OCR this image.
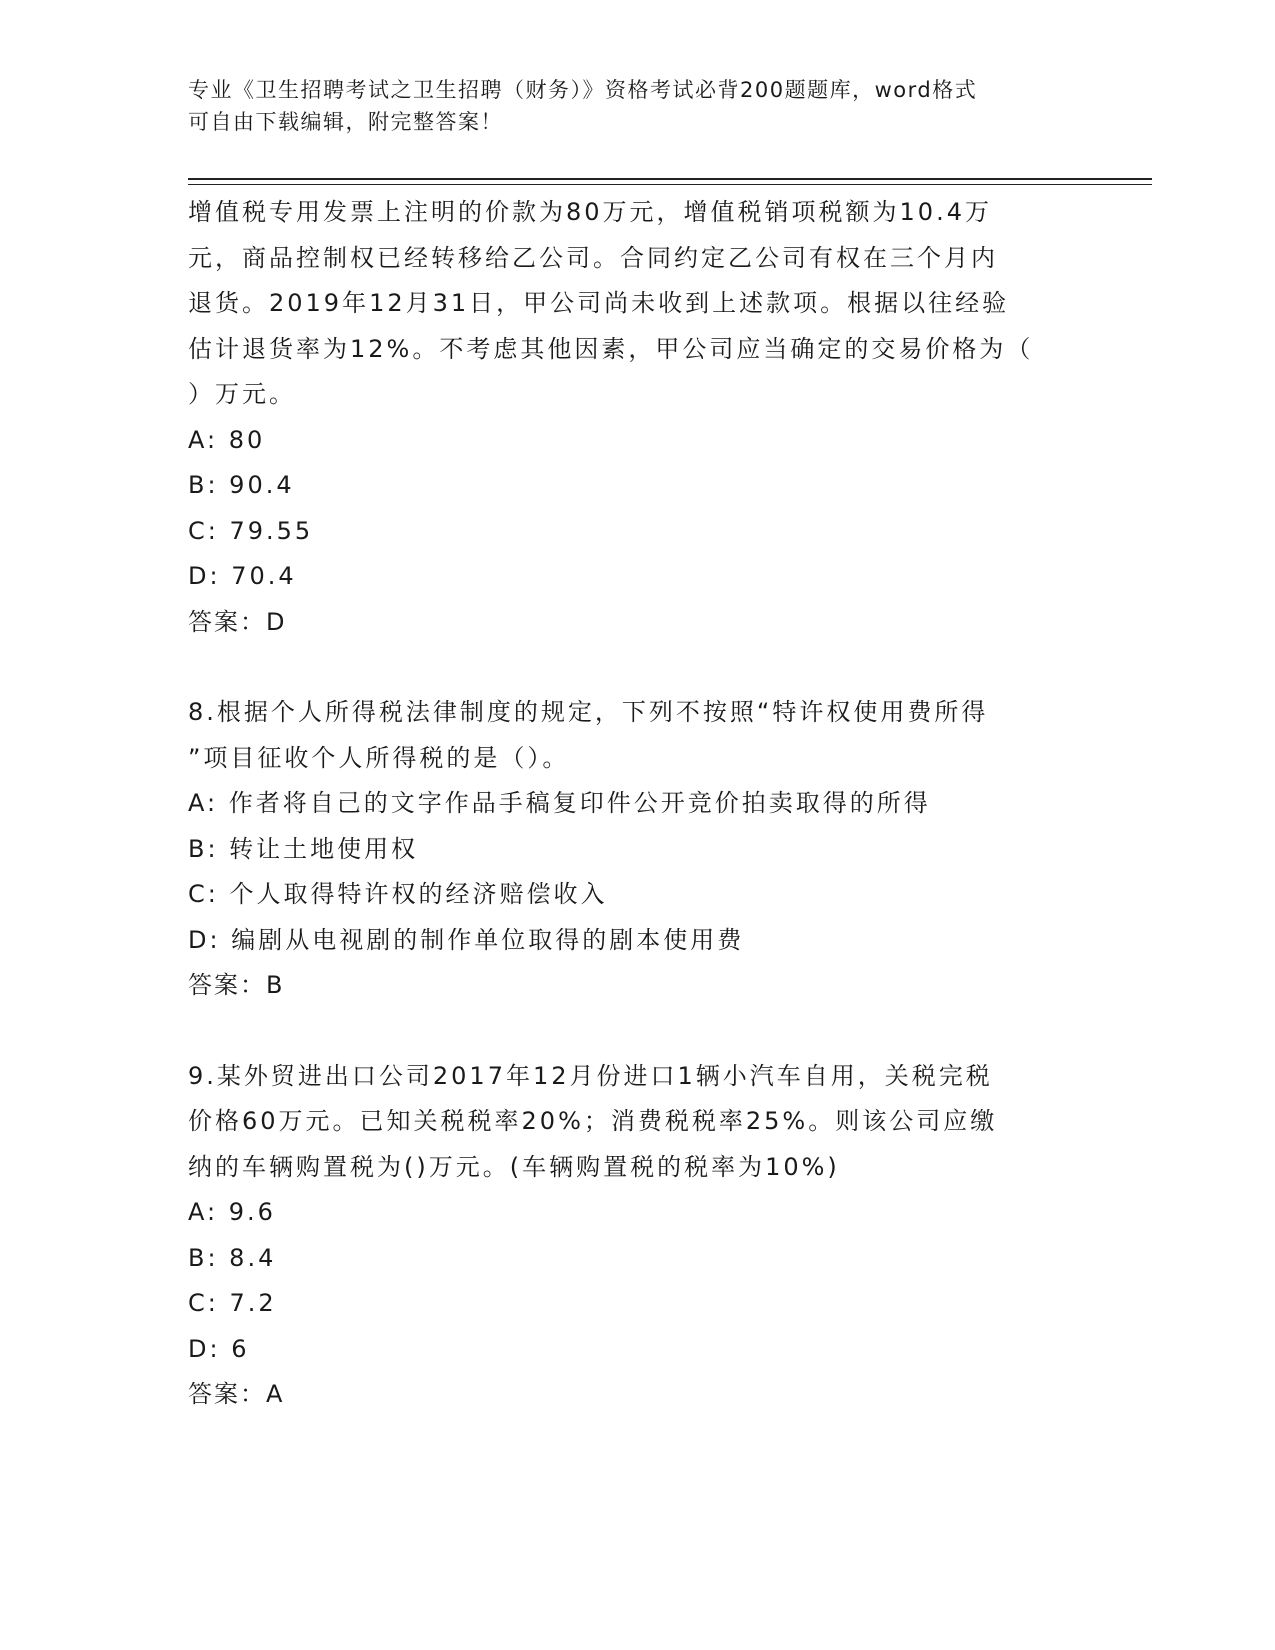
专业《卫生招聘考试之卫生招聘（财务）》资格考试必背200题题库，word格式
可自由下载编辑，附完整答案！
增值税专用发票上注明的价款为80万元，增值税销项税额为10.4万
元，商品控制权已经转移给乙公司。合同约定乙公司有权在三个月内
退货。2019年12月31日，甲公司尚未收到上述款项。根据以往经验
估计退货率为12%。不考虑其他因素，甲公司应当确定的交易价格为（
）万元。
A: 80
B: 90.4
C: 79.55
D: 70.4
答案：D
8.根据个人所得税法律制度的规定，下列不按照“特许权使用费所得
”项目征收个人所得税的是（）。
A: 作者将自己的文字作品手稿复印件公开竞价拍卖取得的所得
B: 转让土地使用权
C: 个人取得特许权的经济赔偿收入
D: 编剧从电视剧的制作单位取得的剧本使用费
答案：B
9.某外贸进出口公司2017年12月份进口1辆小汽车自用，关税完税
价格60万元。已知关税税率20%；消费税税率25%。则该公司应缴
纳的车辆购置税为()万元。(车辆购置税的税率为10%)
A: 9.6
B: 8.4
C: 7.2
D: 6
答案：A
